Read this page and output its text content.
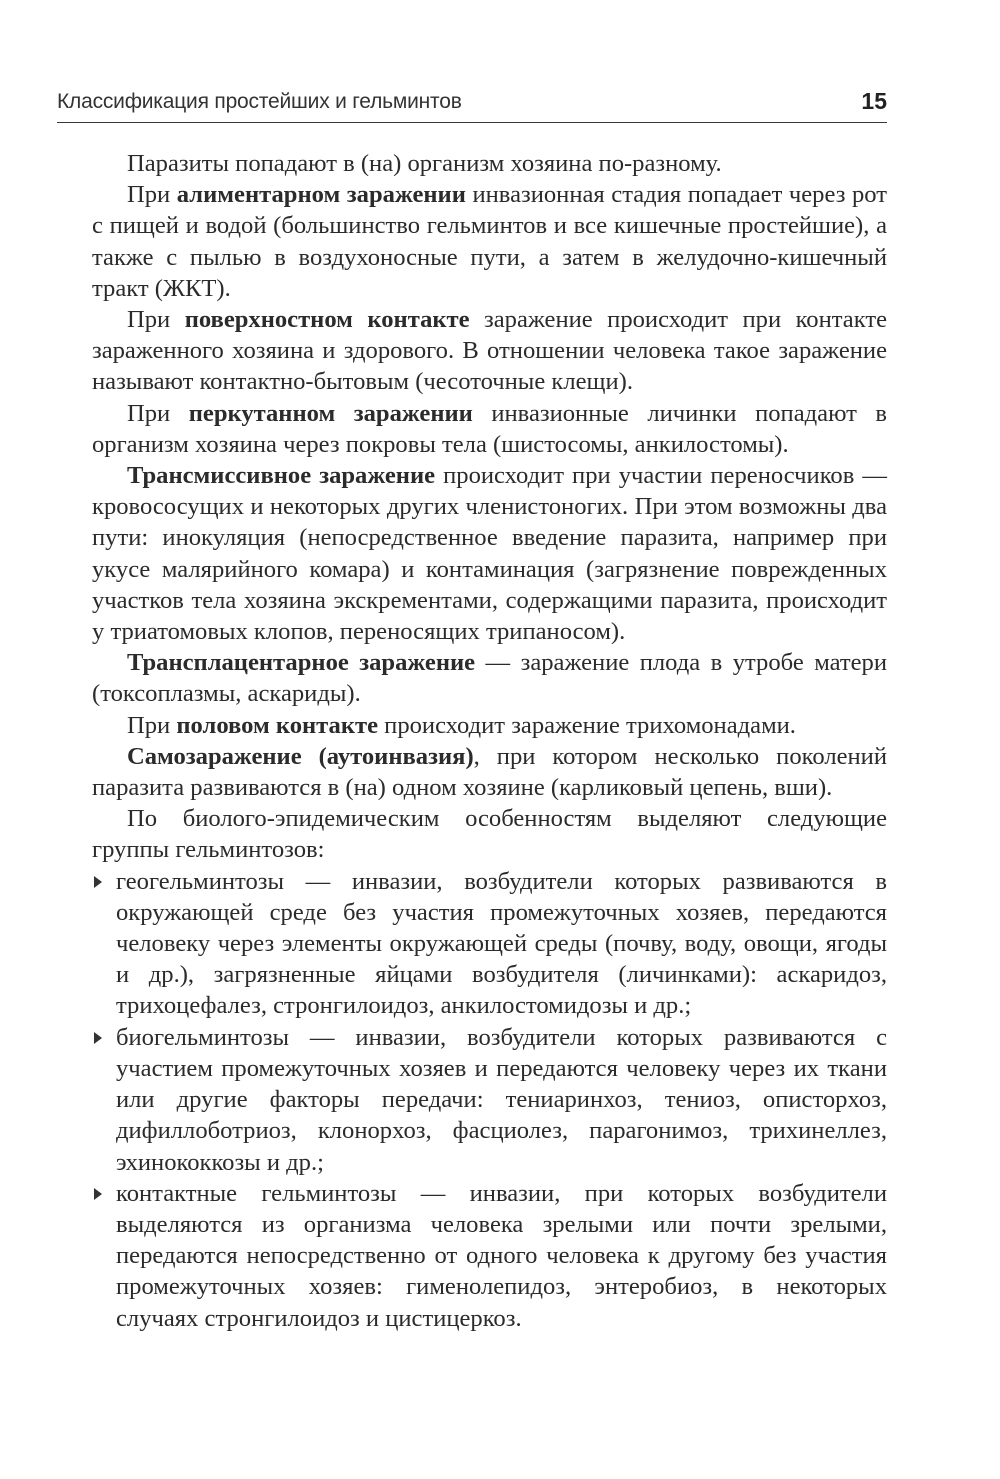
Классификация простейших и гельминтов	15

Паразиты попадают в (на) организм хозяина по-разному.

При алиментарном заражении инвазионная стадия попадает через рот с пищей и водой (большинство гельминтов и все кишечные простейшие), а также с пылью в воздухоносные пути, а затем в желудочно-кишечный тракт (ЖКТ).

При поверхностном контакте заражение происходит при контакте зараженного хозяина и здорового. В отношении человека такое заражение называют контактно-бытовым (чесоточные клещи).

При перкутанном заражении инвазионные личинки попадают в организм хозяина через покровы тела (шистосомы, анкилостомы).

Трансмиссивное заражение происходит при участии переносчиков — кровососущих и некоторых других членистоногих. При этом возможны два пути: инокуляция (непосредственное введение паразита, например при укусе малярийного комара) и контаминация (загрязнение поврежденных участков тела хозяина экскрементами, содержащими паразита, происходит у триатомовых клопов, переносящих трипаносом).

Трансплацентарное заражение — заражение плода в утробе матери (токсоплазмы, аскариды).

При половом контакте происходит заражение трихомонадами.

Самозаражение (аутоинвазия), при котором несколько поколений паразита развиваются в (на) одном хозяине (карликовый цепень, вши).

По биолого-эпидемическим особенностям выделяют следующие группы гельминтозов:

геогельминтозы — инвазии, возбудители которых развиваются в окружающей среде без участия промежуточных хозяев, передаются человеку через элементы окружающей среды (почву, воду, овощи, ягоды и др.), загрязненные яйцами возбудителя (личинками): аскаридоз, трихоцефалез, стронгилоидоз, анкилостомидозы и др.;
биогельминтозы — инвазии, возбудители которых развиваются с участием промежуточных хозяев и передаются человеку через их ткани или другие факторы передачи: тениаринхоз, тениоз, описторхоз, дифиллоботриоз, клонорхоз, фасциолез, парагонимоз, трихинеллез, эхинококкозы и др.;
контактные гельминтозы — инвазии, при которых возбудители выделяются из организма человека зрелыми или почти зрелыми, передаются непосредственно от одного человека к другому без участия промежуточных хозяев: гименолепидоз, энтеробиоз, в некоторых случаях стронгилоидоз и цистицеркоз.
